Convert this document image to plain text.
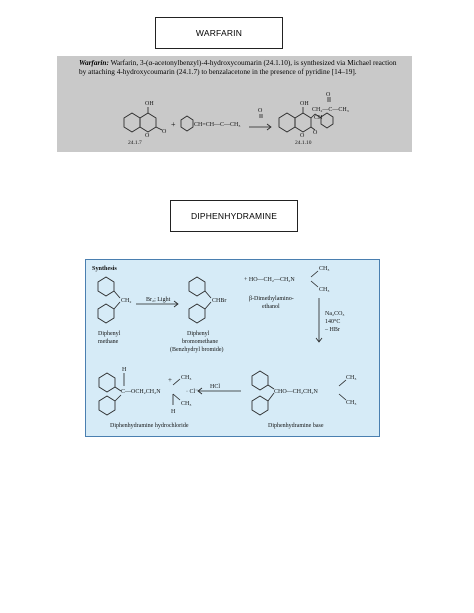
WARFARIN
Warfarin: Warfarin, 3-(α-acetonylbenzyl)-4-hydroxycoumarin (24.1.10), is synthesized via Michael reaction by attaching 4-hydroxycoumarin (24.1.7) to benzalacetone in the presence of pyridine [14–19].
OH
O
O
+	CH=CH—C—CH₃
O
OH
CH₂—C—CH₃
O
CH
O O
24.1.7	24.1.10
DIPHENHYDRAMINE
Synthesis
CH₂ Br₂; Light	CHBr
+ HO—CH₂—CH₂N
CH₃
CH₃
β-Dimethylamino-
ethanol
Na₂CO₃
140°C
– HBr
Diphenyl
methane
Diphenyl
bromomethane
(Benzhydryl bromide)
H
C—OCH₂CH₂N
+ CH₃
CH₃
H
· Cl⁻
HCl
CHO—CH₂CH₂N
CH₃
CH₃
Diphenhydramine hydrochloride	Diphenhydramine base
